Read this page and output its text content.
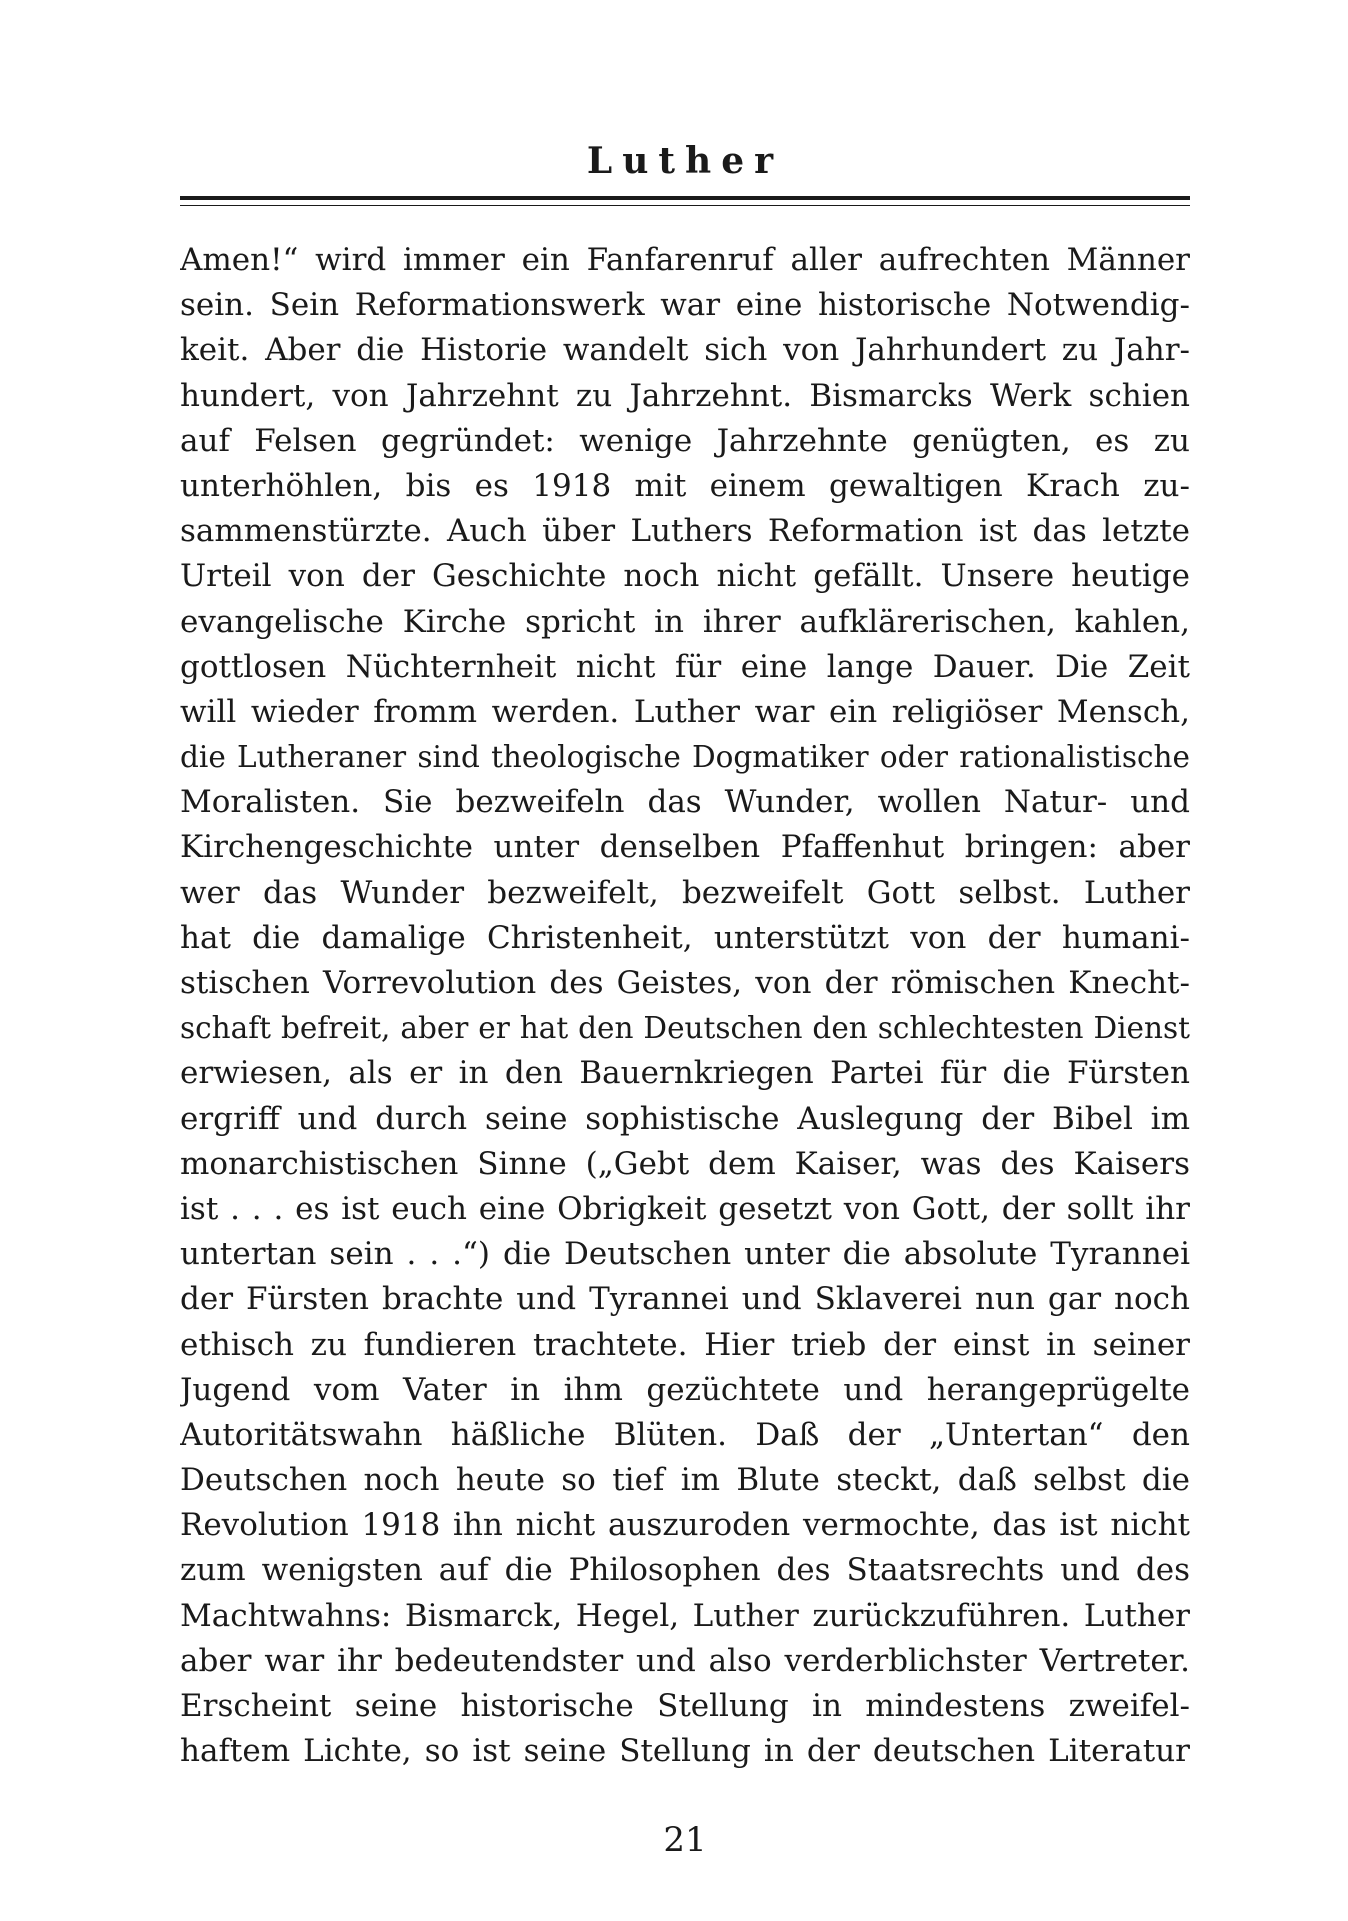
Luther
Amen!“ wird immer ein Fanfarenruf aller aufrechten Männer
sein. Sein Reformationswerk war eine historische Notwendig-
keit. Aber die Historie wandelt sich von Jahrhundert zu Jahr-
hundert, von Jahrzehnt zu Jahrzehnt. Bismarcks Werk schien
auf Felsen gegründet: wenige Jahrzehnte genügten, es zu
unterhöhlen, bis es 1918 mit einem gewaltigen Krach zu-
sammenstürzte. Auch über Luthers Reformation ist das letzte
Urteil von der Geschichte noch nicht gefällt. Unsere heutige
evangelische Kirche spricht in ihrer aufklärerischen, kahlen,
gottlosen Nüchternheit nicht für eine lange Dauer. Die Zeit
will wieder fromm werden. Luther war ein religiöser Mensch,
die Lutheraner sind theologische Dogmatiker oder rationalistische
Moralisten. Sie bezweifeln das Wunder, wollen Natur- und
Kirchengeschichte unter denselben Pfaffenhut bringen: aber
wer das Wunder bezweifelt, bezweifelt Gott selbst. Luther
hat die damalige Christenheit, unterstützt von der humani-
stischen Vorrevolution des Geistes, von der römischen Knecht-
schaft befreit, aber er hat den Deutschen den schlechtesten Dienst
erwiesen, als er in den Bauernkriegen Partei für die Fürsten
ergriff und durch seine sophistische Auslegung der Bibel im
monarchistischen Sinne („Gebt dem Kaiser, was des Kaisers
ist . . . es ist euch eine Obrigkeit gesetzt von Gott, der sollt ihr
untertan sein . . .“) die Deutschen unter die absolute Tyrannei
der Fürsten brachte und Tyrannei und Sklaverei nun gar noch
ethisch zu fundieren trachtete. Hier trieb der einst in seiner
Jugend vom Vater in ihm gezüchtete und herangeprügelte
Autoritätswahn häßliche Blüten. Daß der „Untertan“ den
Deutschen noch heute so tief im Blute steckt, daß selbst die
Revolution 1918 ihn nicht auszuroden vermochte, das ist nicht
zum wenigsten auf die Philosophen des Staatsrechts und des
Machtwahns: Bismarck, Hegel, Luther zurückzuführen. Luther
aber war ihr bedeutendster und also verderblichster Vertreter.
Erscheint seine historische Stellung in mindestens zweifel-
haftem Lichte, so ist seine Stellung in der deutschen Literatur
21
